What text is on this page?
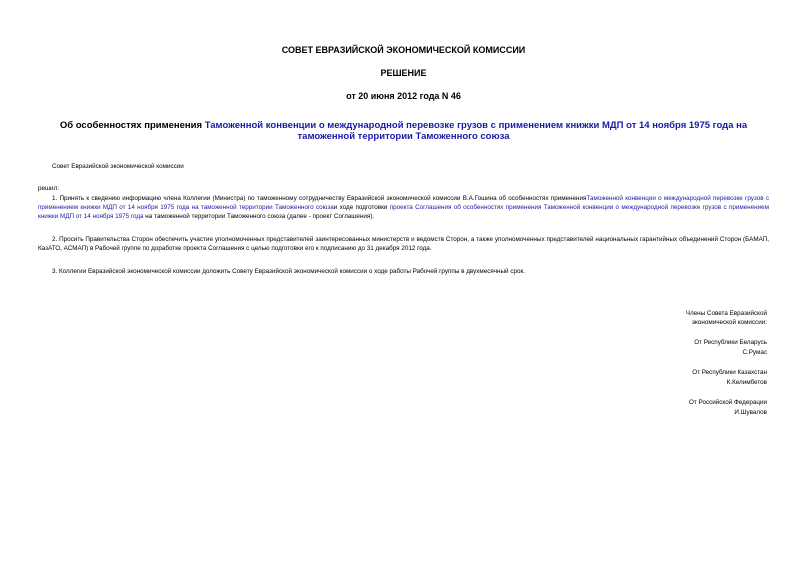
СОВЕТ ЕВРАЗИЙСКОЙ ЭКОНОМИЧЕСКОЙ КОМИССИИ

РЕШЕНИЕ

от 20 июня 2012 года N 46

Об особенностях применения Таможенной конвенции о международной перевозке грузов с применением книжки МДП от 14 ноября 1975 года на таможенной территории Таможенного союза

Совет Евразийской экономической комиссии

решил:

1. Принять к сведению информацию члена Коллегии (Министра) по таможенному сотрудничеству Евразийской экономической комиссии В.А.Гошина об особенностях примененияТаможенной конвенции о международной перевозке грузов с применением книжки МДП от 14 ноября 1975 года на таможенной территории Таможенного союзаи ходе подготовки проекта Соглашения об особенностях применения Таможенной конвенции о международной перевозке грузов с применением книжки МДП от 14 ноября 1975 года на таможенной территории Таможенного союза (далее - проект Соглашения).

2. Просить Правительства Сторон обеспечить участие уполномоченных представителей заинтересованных министерств и ведомств Сторон, а также уполномоченных представителей национальных гарантийных объединений Сторон (БАМАП, КазАТО, АСМАП) в Рабочей группе по доработке проекта Соглашения с целью подготовки его к подписанию до 31 декабря 2012 года.

3. Коллегии Евразийской экономической комиссии доложить Совету Евразийской экономической комиссии о ходе работы Рабочей группы в двухмесячный срок.

Члены Совета Евразийской

экономической комиссии:

От Республики Беларусь

С.Румас

От Республики Казахстан

К.Келимбетов

От Российской Федерации

И.Шувалов
